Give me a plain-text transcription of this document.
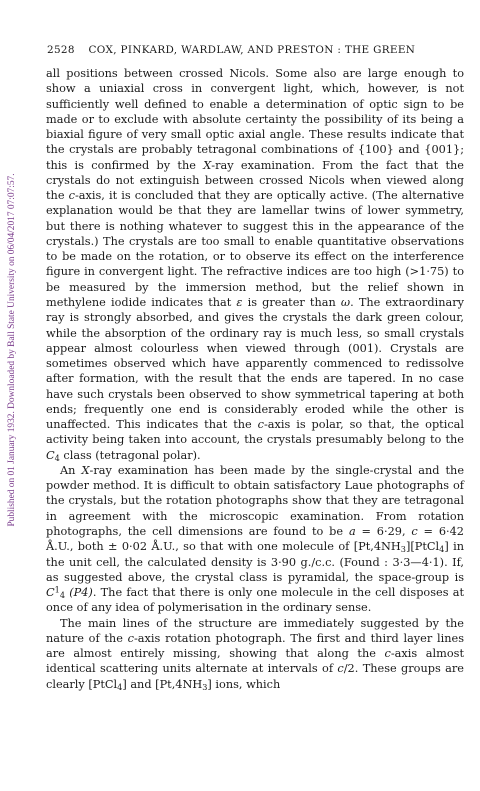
2528 COX, PINKARD, WARDLAW, AND PRESTON : THE GREEN
Published on 01 January 1932. Downloaded by Ball State University on 06/04/2017 07:07:57.

all positions between crossed Nicols. Some also are large enough to show a uniaxial cross in convergent light, which, however, is not sufficiently well defined to enable a determination of optic sign to be made or to exclude with absolute certainty the possibility of its being a biaxial figure of very small optic axial angle. These results indicate that the crystals are probably tetragonal combinations of {100} and {001}; this is confirmed by the X-ray examination. From the fact that the crystals do not extinguish between crossed Nicols when viewed along the c-axis, it is concluded that they are optically active. (The alternative explanation would be that they are lamellar twins of lower symmetry, but there is nothing whatever to suggest this in the appearance of the crystals.) The crystals are too small to enable quantitative observations to be made on the rotation, or to observe its effect on the interference figure in convergent light. The refractive indices are too high (>1·75) to be measured by the immersion method, but the relief shown in methylene iodide indicates that ε is greater than ω. The extraordinary ray is strongly absorbed, and gives the crystals the dark green colour, while the absorption of the ordinary ray is much less, so small crystals appear almost colourless when viewed through (001). Crystals are sometimes observed which have apparently commenced to redissolve after formation, with the result that the ends are tapered. In no case have such crystals been observed to show symmetrical tapering at both ends; frequently one end is considerably eroded while the other is unaffected. This indicates that the c-axis is polar, so that, the optical activity being taken into account, the crystals presumably belong to the $C_4$ class (tetragonal polar).

An X-ray examination has been made by the single-crystal and the powder method. It is difficult to obtain satisfactory Laue photographs of the crystals, but the rotation photographs show that they are tetragonal in agreement with the microscopic examination. From rotation photographs, the cell dimensions are found to be a = 6·29, c = 6·42 Å.U., both ± 0·02 Å.U., so that with one molecule of $[Pt,4NH_3][PtCl_4]$ in the unit cell, the calculated density is 3·90 g./c.c. (Found : 3·3—4·1). If, as suggested above, the crystal class is pyramidal, the space-group is $C^1_4$ (P4). The fact that there is only one molecule in the cell disposes at once of any idea of polymerisation in the ordinary sense.

The main lines of the structure are immediately suggested by the nature of the c-axis rotation photograph. The first and third layer lines are almost entirely missing, showing that along the c-axis almost identical scattering units alternate at intervals of c/2. These groups are clearly [PtCl$_4$] and $[Pt,4NH_3]$ ions, which
